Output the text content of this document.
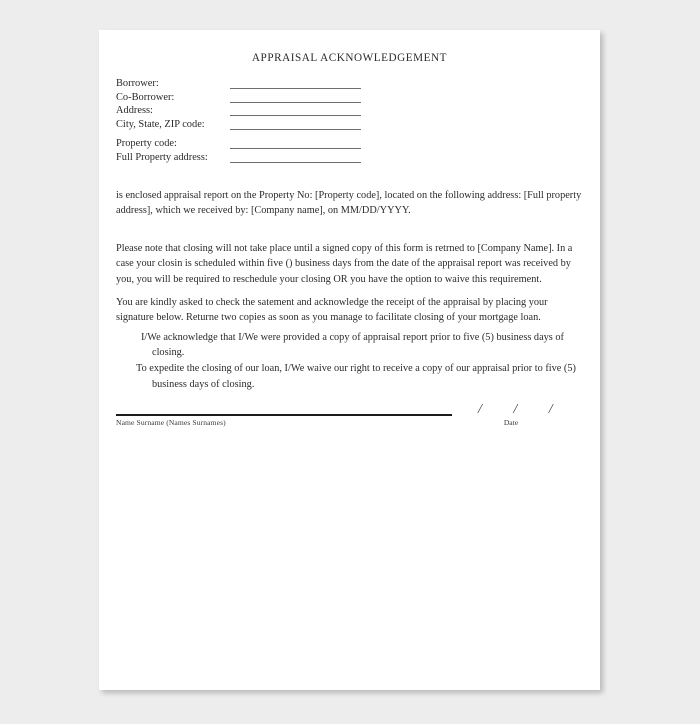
APPRAISAL ACKNOWLEDGEMENT
Borrower:
Co-Borrower:
Address:
City, State, ZIP code:
Property code:
Full Property address:
is enclosed appraisal report on the Property No: [Property code], located on the following address: [Full property address], which we received by: [Company name], on MM/DD/YYYY.
Please note that closing will not take place until a signed copy of this form is retrned to [Company Name]. In a case your closin is scheduled within five () business days from the date of the appraisal report was received by you, you will be required to reschedule your closing OR you have the option to waive this requirement.
You are kindly asked to check the satement and acknowledge the receipt of the appraisal by placing your signature below. Returne two copies as soon as you manage to facilitate closing of your mortgage loan.
I/We acknowledge that I/We were provided a copy of appraisal report prior to five (5) business days of closing.
To expedite the closing of our loan, I/We waive our right to receive a copy of our appraisal prior to five (5) business days of closing.
Name Surname (Names Surnames)
/ / /
Date
